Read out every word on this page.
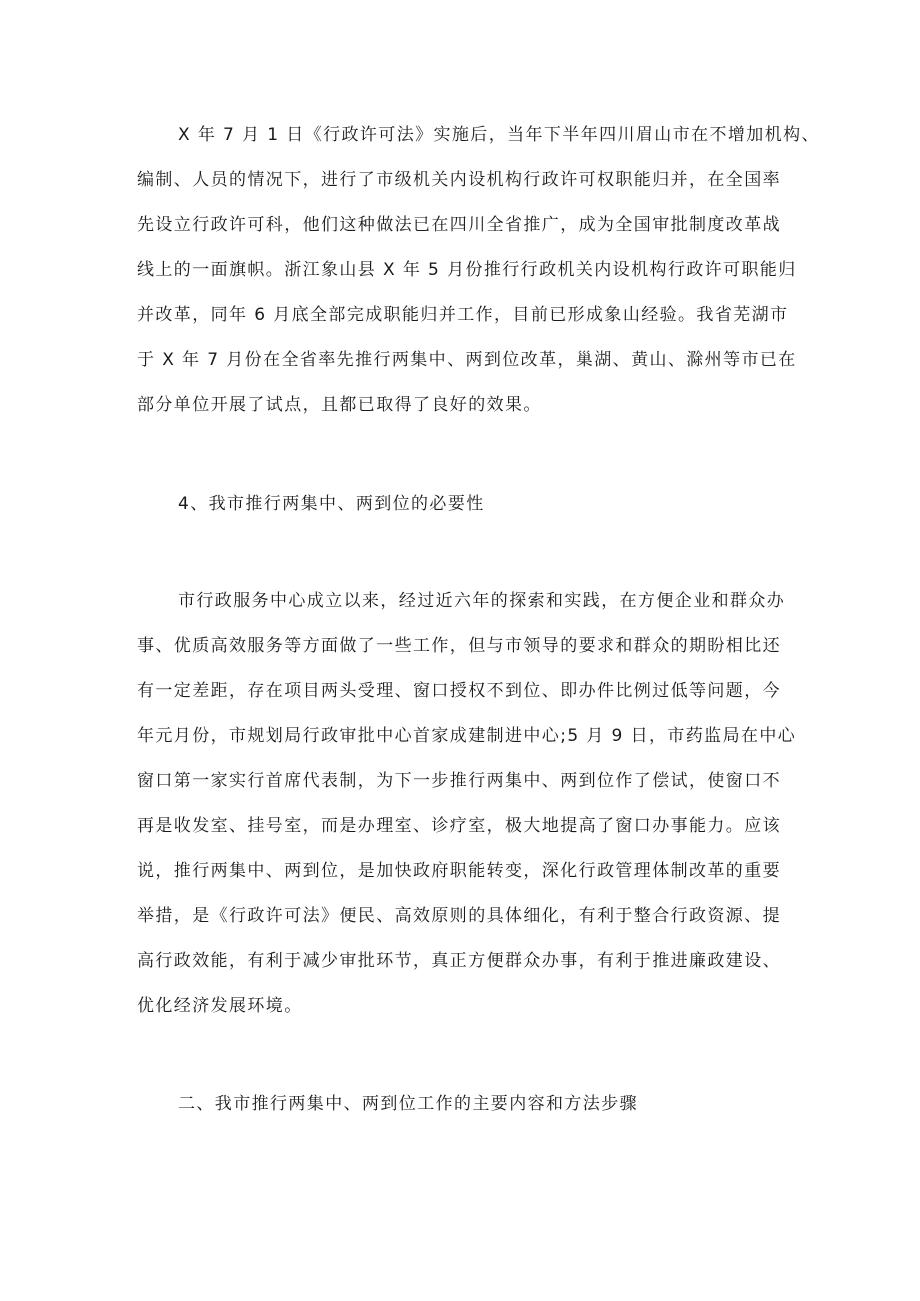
X 年 7 月 1 日《行政许可法》实施后，当年下半年四川眉山市在不增加机构、

编制、人员的情况下，进行了市级机关内设机构行政许可权职能归并，在全国率

先设立行政许可科，他们这种做法已在四川全省推广，成为全国审批制度改革战

线上的一面旗帜。浙江象山县 X 年 5 月份推行行政机关内设机构行政许可职能归

并改革，同年 6 月底全部完成职能归并工作，目前已形成象山经验。我省芜湖市

于 X 年 7 月份在全省率先推行两集中、两到位改革，巢湖、黄山、滁州等市已在

部分单位开展了试点，且都已取得了良好的效果。

4、我市推行两集中、两到位的必要性

市行政服务中心成立以来，经过近六年的探索和实践，在方便企业和群众办

事、优质高效服务等方面做了一些工作，但与市领导的要求和群众的期盼相比还

有一定差距，存在项目两头受理、窗口授权不到位、即办件比例过低等问题，今

年元月份，市规划局行政审批中心首家成建制进中心;5 月 9 日，市药监局在中心

窗口第一家实行首席代表制，为下一步推行两集中、两到位作了偿试，使窗口不

再是收发室、挂号室，而是办理室、诊疗室，极大地提高了窗口办事能力。应该

说，推行两集中、两到位，是加快政府职能转变，深化行政管理体制改革的重要

举措，是《行政许可法》便民、高效原则的具体细化，有利于整合行政资源、提

高行政效能，有利于减少审批环节，真正方便群众办事，有利于推进廉政建设、

优化经济发展环境。

二、我市推行两集中、两到位工作的主要内容和方法步骤
